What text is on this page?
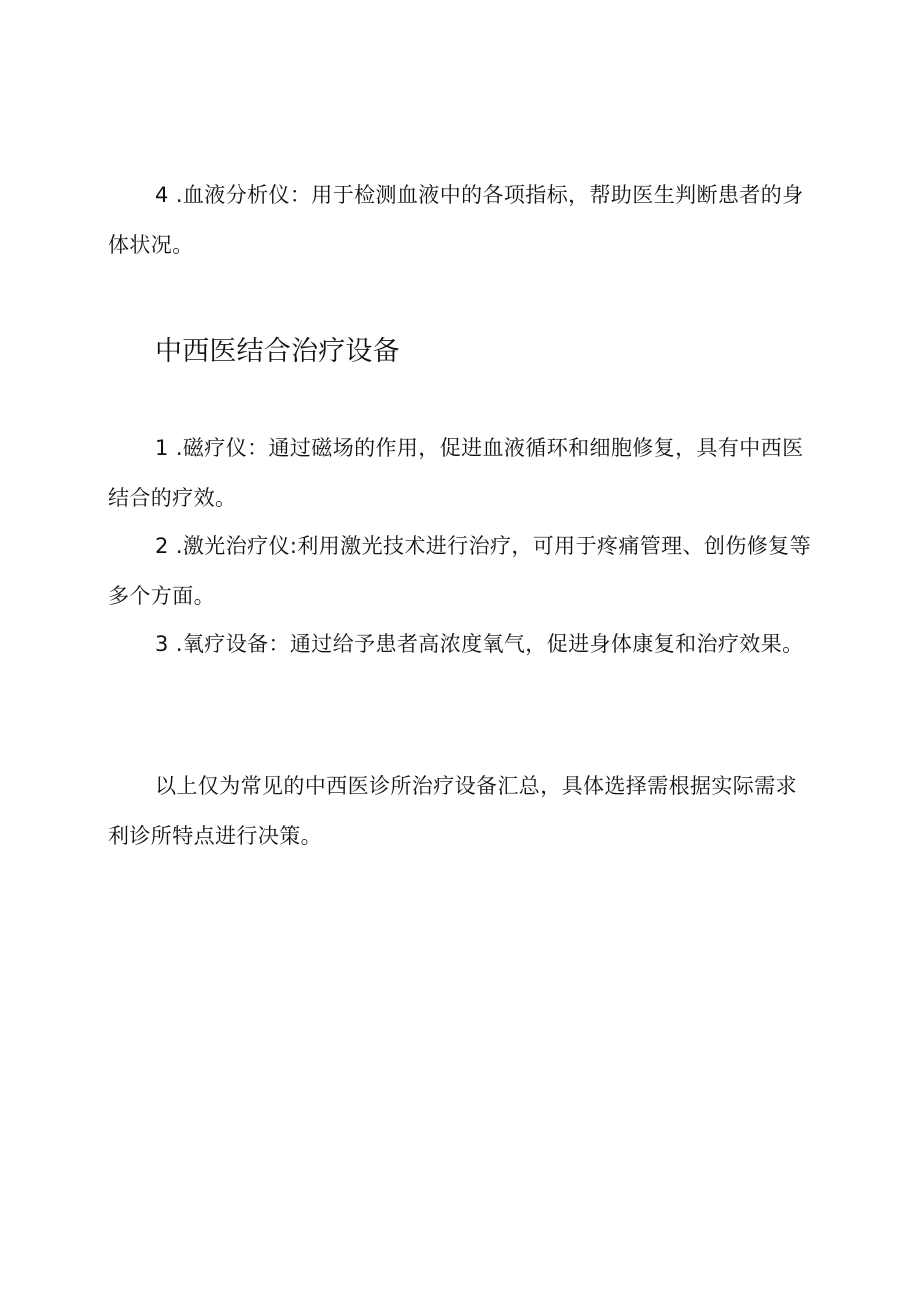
4 .血液分析仪：用于检测血液中的各项指标，帮助医生判断患者的身体状况。

中西医结合治疗设备

1 .磁疗仪：通过磁场的作用，促进血液循环和细胞修复，具有中西医结合的疗效。

2 .激光治疗仪:利用激光技术进行治疗，可用于疼痛管理、创伤修复等多个方面。

3 .氧疗设备：通过给予患者高浓度氧气，促进身体康复和治疗效果。

以上仅为常见的中西医诊所治疗设备汇总，具体选择需根据实际需求利诊所特点进行决策。
